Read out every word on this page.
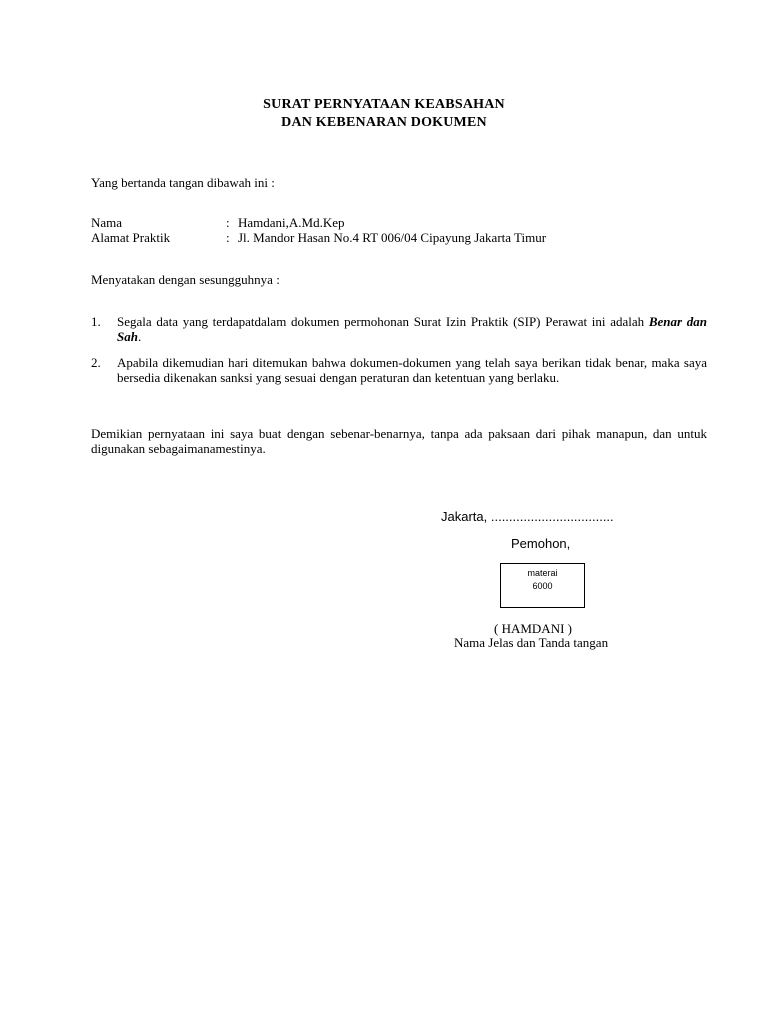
SURAT PERNYATAAN KEABSAHAN
DAN KEBENARAN DOKUMEN
Yang bertanda tangan dibawah ini :
Nama	: Hamdani,A.Md.Kep
Alamat Praktik	: Jl. Mandor Hasan No.4 RT 006/04 Cipayung Jakarta Timur
Menyatakan dengan sesungguhnya :
1. Segala data yang terdapatdalam dokumen permohonan Surat Izin Praktik (SIP) Perawat ini adalah Benar dan Sah.
2. Apabila dikemudian hari ditemukan bahwa dokumen-dokumen yang telah saya berikan tidak benar, maka saya bersedia dikenakan sanksi yang sesuai dengan peraturan dan ketentuan yang berlaku.
Demikian pernyataan ini saya buat dengan sebenar-benarnya, tanpa ada paksaan dari pihak manapun, dan untuk digunakan sebagaimanamestinya.
Jakarta, ..................................
Pemohon,
materai
6000
( HAMDANI )
Nama Jelas dan Tanda tangan
